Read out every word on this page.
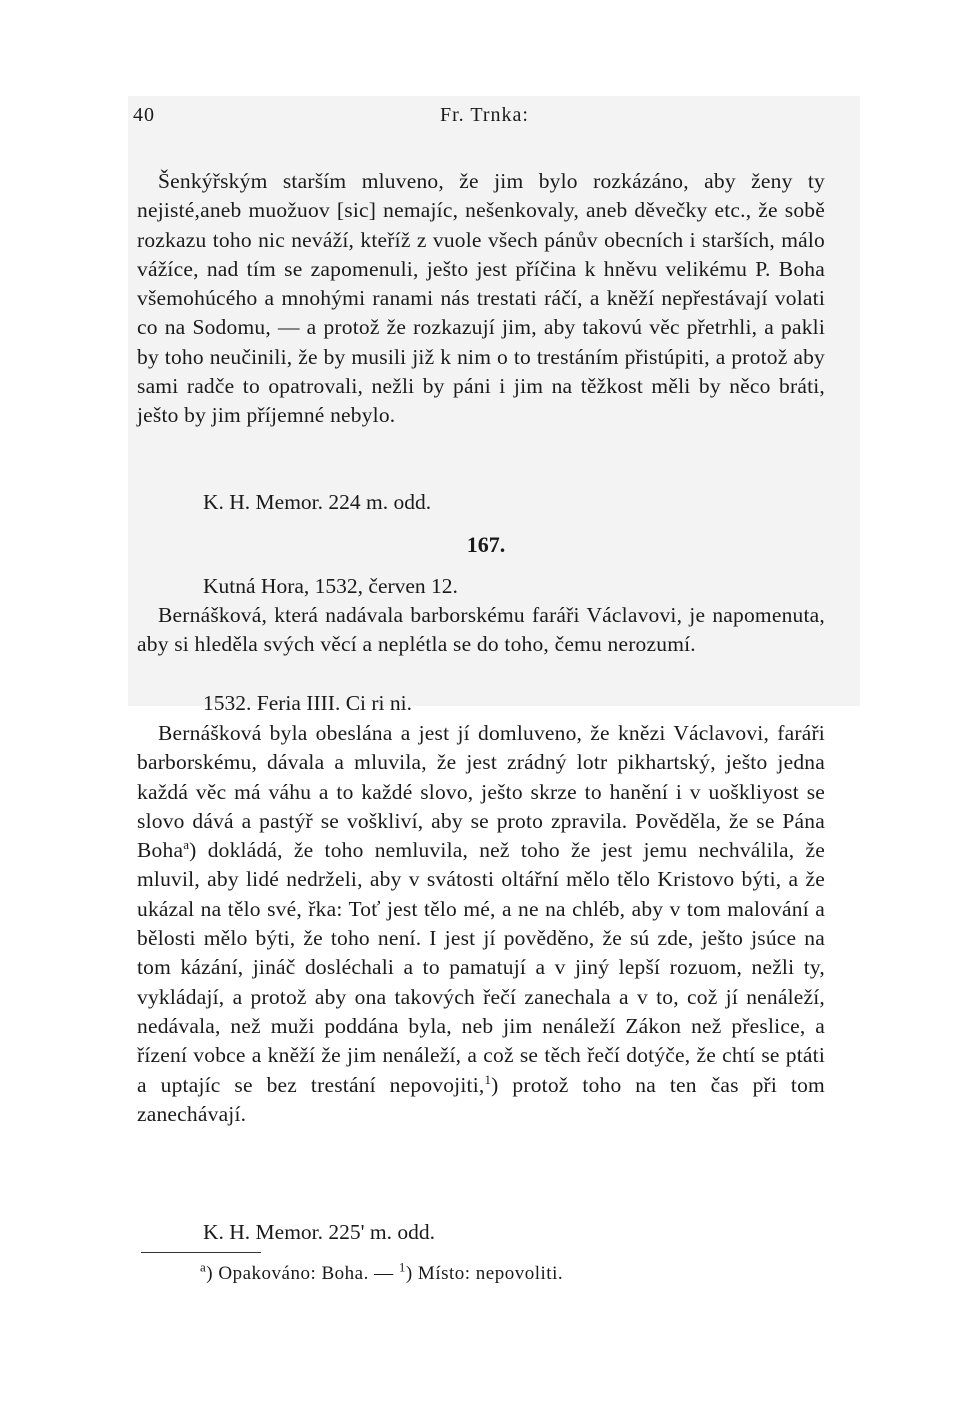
40	Fr. Trnka:
Šenkýřským starším mluveno, že jim bylo rozkázáno, aby ženy ty nejisté,aneb muožuov [sic] nemajíc, nešenkovaly, aneb děvečky etc., že sobě rozkazu toho nic neváží, kteříž z vuole všech pánův obecních i starších, málo vážíce, nad tím se zapomenuli, ješto jest příčina k hněvu velikému P. Boha všemohúcého a mnohými ranami nás trestati ráčí, a kněží nepřestávají volati co na Sodomu, — a protož že rozkazují jim, aby takovú věc přetrhli, a pakli by toho neučinili, že by musili již k nim o to trestáním přistúpiti, a protož aby sami radče to opatrovali, nežli by páni i jim na těžkost měli by něco bráti, ješto by jim příjemné nebylo.
K. H. Memor. 224 m. odd.
167.
Kutná Hora, 1532, červen 12.
Bernášková, která nadávala barborskému faráři Václavovi, je napomenuta, aby si hleděla svých věcí a neplétla se do toho, čemu nerozumí.
1532. Feria IIII. Ci ri ni.
Bernášková byla obeslána a jest jí domluveno, že knězi Václavovi, faráři barborskému, dávala a mluvila, že jest zrádný lotr pikhartský, ješto jedna každá věc má váhu a to každé slovo, ješto skrze to hanění i v uoškliyost se slovo dává a pastýř se voškliví, aby se proto zpravila. Pověděla, že se Pána Boha$^a$) dokládá, že toho nemluvila, než toho že jest jemu nechválila, že mluvil, aby lidé nedrželi, aby v svátosti oltářní mělo tělo Kristovo býti, a že ukázal na tělo své, řka: Toť jest tělo mé, a ne na chléb, aby v tom malování a bělosti mělo býti, že toho není. I jest jí pověděno, že sú zde, ješto jsúce na tom kázání, jináč dosléchali a to pamatují a v jiný lepší rozuom, nežli ty, vykládají, a protož aby ona takových řečí zanechala a v to, což jí nenáleží, nedávala, než muži poddána byla, neb jim nenáleží Zákon než přeslice, a řízení vobce a kněží že jim nenáleží, a což se těch řečí dotýče, že chtí se ptáti a uptajíc se bez trestání nepovojiti,$^1$) protož toho na ten čas při tom zanechávají.
K. H. Memor. 225' m. odd.
$^a$) Opakováno: Boha. — $^1$) Místo: nepovoliti.
